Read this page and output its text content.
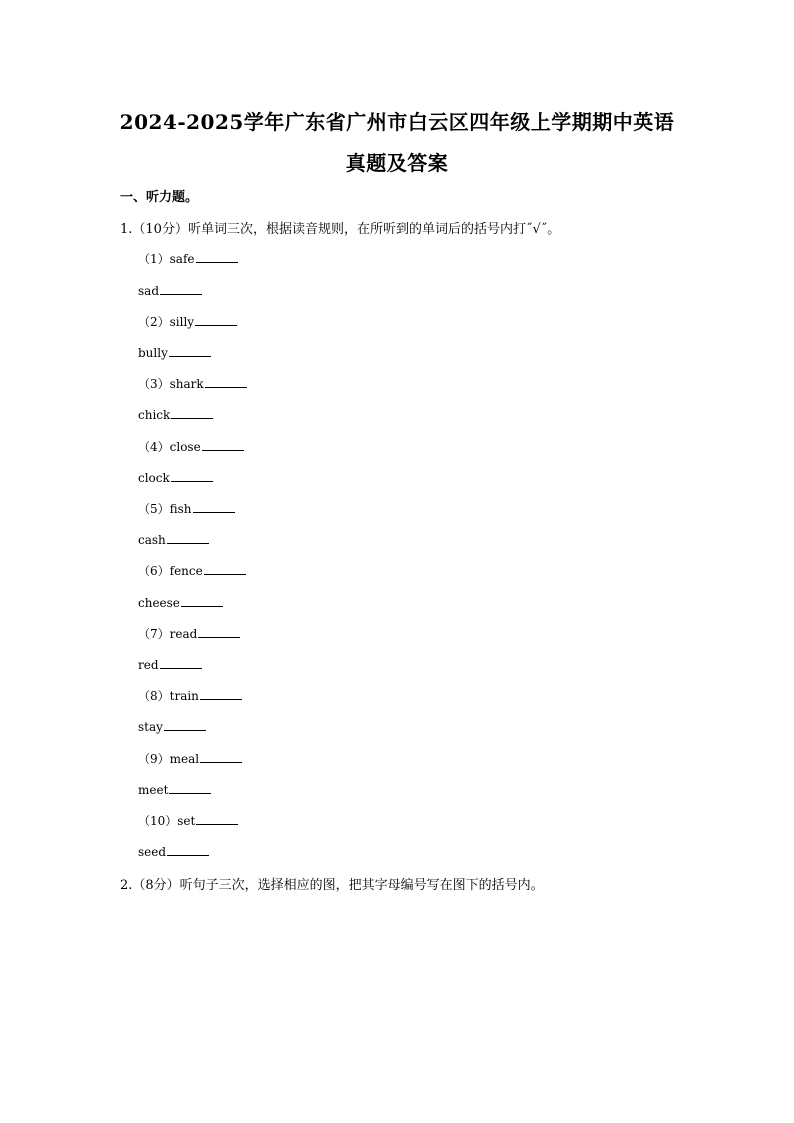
2024-2025学年广东省广州市白云区四年级上学期期中英语
真题及答案
一、听力题。
1.（10分）听单词三次，根据读音规则，在所听到的单词后的括号内打˝√˝。
（1）safe
sad
（2）silly
bully
（3）shark
chick
（4）close
clock
（5）fish
cash
（6）fence
cheese
（7）read
red
（8）train
stay
（9）meal
meet
（10）set
seed
2.（8分）听句子三次，选择相应的图，把其字母编号写在图下的括号内。
